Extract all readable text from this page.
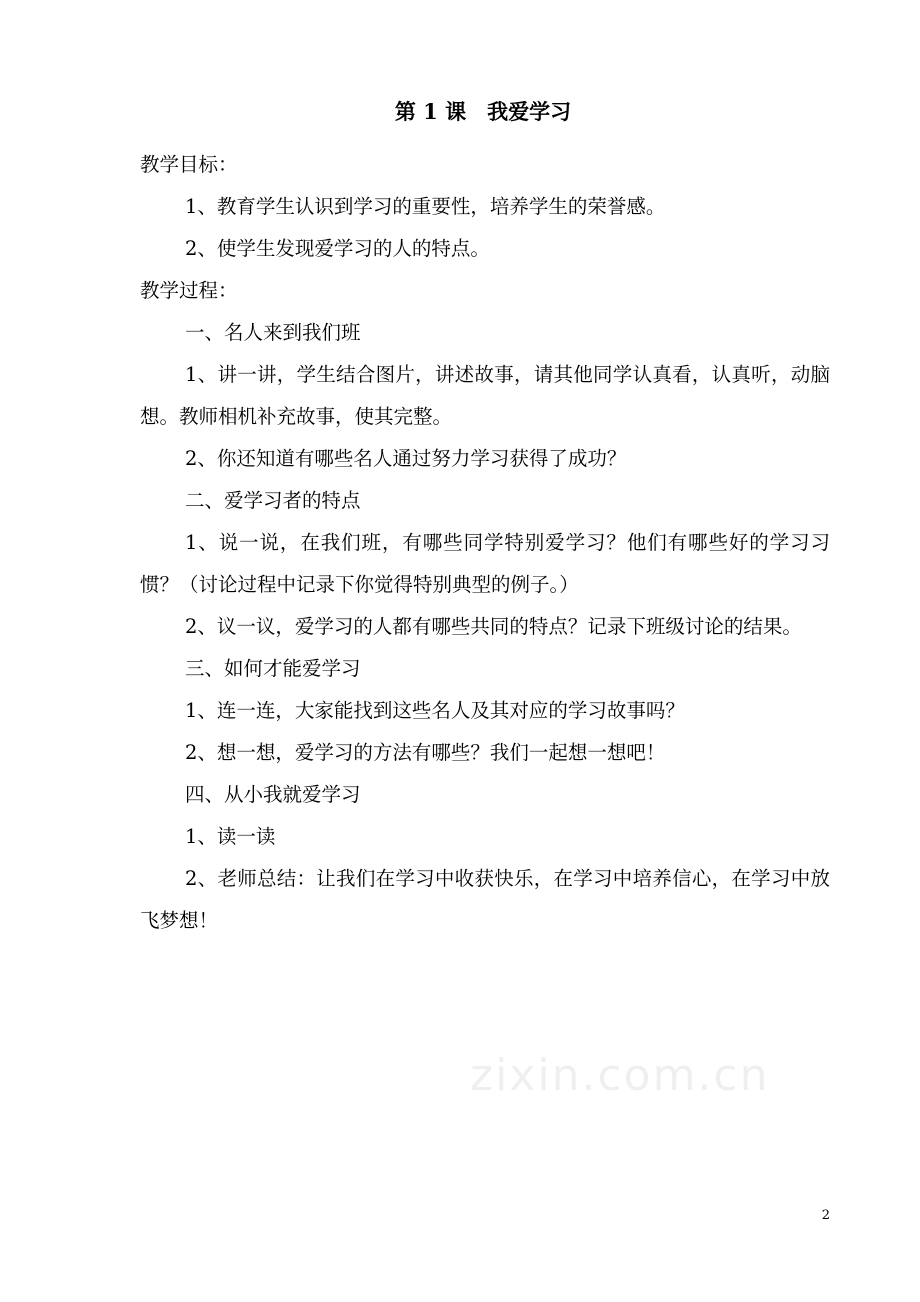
第 1 课　我爱学习

教学目标：

1、教育学生认识到学习的重要性，培养学生的荣誉感。

2、使学生发现爱学习的人的特点。

教学过程：

一、名人来到我们班

1、讲一讲，学生结合图片，讲述故事，请其他同学认真看，认真听，动脑想。教师相机补充故事，使其完整。

2、你还知道有哪些名人通过努力学习获得了成功？

二、爱学习者的特点

1、说一说，在我们班，有哪些同学特别爱学习？他们有哪些好的学习习惯？（讨论过程中记录下你觉得特别典型的例子。）

2、议一议，爱学习的人都有哪些共同的特点？记录下班级讨论的结果。

三、如何才能爱学习

1、连一连，大家能找到这些名人及其对应的学习故事吗？

2、想一想，爱学习的方法有哪些？我们一起想一想吧！

四、从小我就爱学习

1、读一读

2、老师总结：让我们在学习中收获快乐，在学习中培养信心，在学习中放飞梦想！

zixin.com.cn
2
